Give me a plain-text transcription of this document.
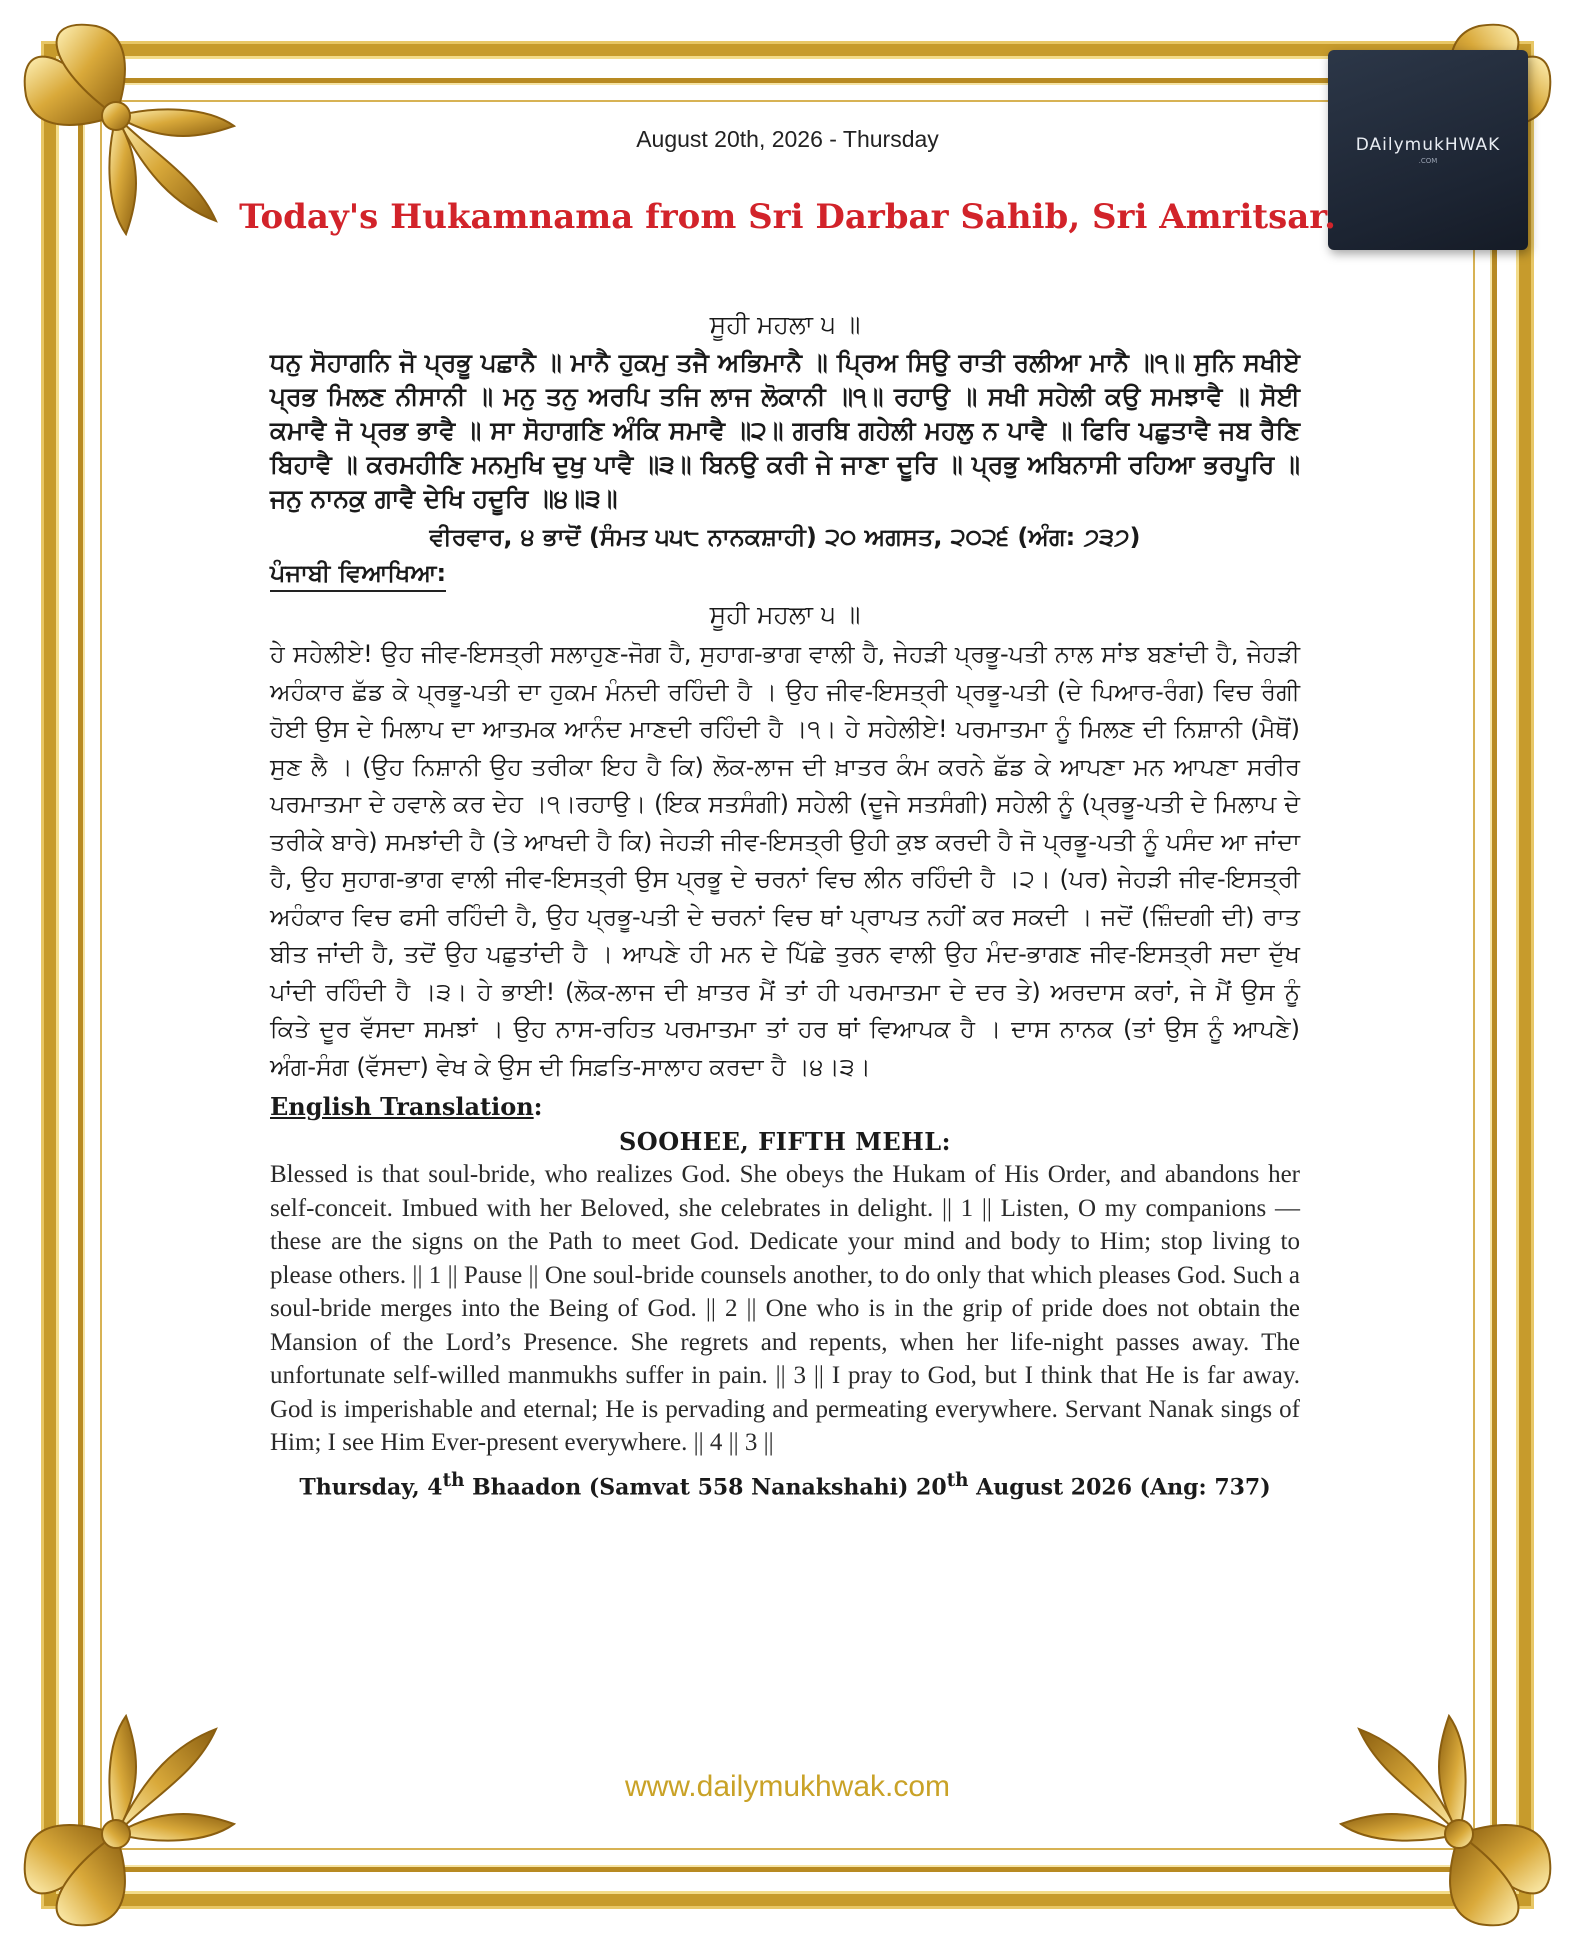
DAilymukHWAK
.COM
August 20th, 2026 - Thursday
Today's Hukamnama from Sri Darbar Sahib, Sri Amritsar.

ਸੂਹੀ ਮਹਲਾ ੫ ॥

ਧਨੁ ਸੋਹਾਗਨਿ ਜੋ ਪ੍ਰਭੂ ਪਛਾਨੈ ॥ ਮਾਨੈ ਹੁਕਮੁ ਤਜੈ ਅਭਿਮਾਨੈ ॥ ਪ੍ਰਿਅ ਸਿਉ ਰਾਤੀ ਰਲੀਆ ਮਾਨੈ ॥੧॥ ਸੁਨਿ ਸਖੀਏ ਪ੍ਰਭ ਮਿਲਣ ਨੀਸਾਨੀ ॥ ਮਨੁ ਤਨੁ ਅਰਪਿ ਤਜਿ ਲਾਜ ਲੋਕਾਨੀ ॥੧॥ ਰਹਾਉ ॥ ਸਖੀ ਸਹੇਲੀ ਕਉ ਸਮਝਾਵੈ ॥ ਸੋਈ ਕਮਾਵੈ ਜੋ ਪ੍ਰਭ ਭਾਵੈ ॥ ਸਾ ਸੋਹਾਗਣਿ ਅੰਕਿ ਸਮਾਵੈ ॥੨॥ ਗਰਬਿ ਗਹੇਲੀ ਮਹਲੁ ਨ ਪਾਵੈ ॥ ਫਿਰਿ ਪਛੁਤਾਵੈ ਜਬ ਰੈਣਿ ਬਿਹਾਵੈ ॥ ਕਰਮਹੀਣਿ ਮਨਮੁਖਿ ਦੁਖੁ ਪਾਵੈ ॥੩॥ ਬਿਨਉ ਕਰੀ ਜੇ ਜਾਣਾ ਦੂਰਿ ॥ ਪ੍ਰਭੁ ਅਬਿਨਾਸੀ ਰਹਿਆ ਭਰਪੂਰਿ ॥ ਜਨੁ ਨਾਨਕੁ ਗਾਵੈ ਦੇਖਿ ਹਦੂਰਿ ॥੪॥੩॥

ਵੀਰਵਾਰ, ੪ ਭਾਦੋਂ (ਸੰਮਤ ੫੫੮ ਨਾਨਕਸ਼ਾਹੀ) ੨੦ ਅਗਸਤ, ੨੦੨੬ (ਅੰਗ: ੭੩੭)

ਪੰਜਾਬੀ ਵਿਆਖਿਆ:

ਸੂਹੀ ਮਹਲਾ ੫ ॥

ਹੇ ਸਹੇਲੀਏ! ਉਹ ਜੀਵ-ਇਸਤ੍ਰੀ ਸਲਾਹੁਣ-ਜੋਗ ਹੈ, ਸੁਹਾਗ-ਭਾਗ ਵਾਲੀ ਹੈ, ਜੇਹੜੀ ਪ੍ਰਭੂ-ਪਤੀ ਨਾਲ ਸਾਂਝ ਬਣਾਂਦੀ ਹੈ, ਜੇਹੜੀ ਅਹੰਕਾਰ ਛੱਡ ਕੇ ਪ੍ਰਭੂ-ਪਤੀ ਦਾ ਹੁਕਮ ਮੰਨਦੀ ਰਹਿੰਦੀ ਹੈ । ਉਹ ਜੀਵ-ਇਸਤ੍ਰੀ ਪ੍ਰਭੂ-ਪਤੀ (ਦੇ ਪਿਆਰ-ਰੰਗ) ਵਿਚ ਰੰਗੀ ਹੋਈ ਉਸ ਦੇ ਮਿਲਾਪ ਦਾ ਆਤਮਕ ਆਨੰਦ ਮਾਣਦੀ ਰਹਿੰਦੀ ਹੈ ।੧। ਹੇ ਸਹੇਲੀਏ! ਪਰਮਾਤਮਾ ਨੂੰ ਮਿਲਣ ਦੀ ਨਿਸ਼ਾਨੀ (ਮੈਥੋਂ) ਸੁਣ ਲੈ । (ਉਹ ਨਿਸ਼ਾਨੀ ਉਹ ਤਰੀਕਾ ਇਹ ਹੈ ਕਿ) ਲੋਕ-ਲਾਜ ਦੀ ਖ਼ਾਤਰ ਕੰਮ ਕਰਨੇ ਛੱਡ ਕੇ ਆਪਣਾ ਮਨ ਆਪਣਾ ਸਰੀਰ ਪਰਮਾਤਮਾ ਦੇ ਹਵਾਲੇ ਕਰ ਦੇਹ ।੧।ਰਹਾਉ। (ਇਕ ਸਤਸੰਗੀ) ਸਹੇਲੀ (ਦੂਜੇ ਸਤਸੰਗੀ) ਸਹੇਲੀ ਨੂੰ (ਪ੍ਰਭੂ-ਪਤੀ ਦੇ ਮਿਲਾਪ ਦੇ ਤਰੀਕੇ ਬਾਰੇ) ਸਮਝਾਂਦੀ ਹੈ (ਤੇ ਆਖਦੀ ਹੈ ਕਿ) ਜੇਹੜੀ ਜੀਵ-ਇਸਤ੍ਰੀ ਉਹੀ ਕੁਝ ਕਰਦੀ ਹੈ ਜੋ ਪ੍ਰਭੂ-ਪਤੀ ਨੂੰ ਪਸੰਦ ਆ ਜਾਂਦਾ ਹੈ, ਉਹ ਸੁਹਾਗ-ਭਾਗ ਵਾਲੀ ਜੀਵ-ਇਸਤ੍ਰੀ ਉਸ ਪ੍ਰਭੂ ਦੇ ਚਰਨਾਂ ਵਿਚ ਲੀਨ ਰਹਿੰਦੀ ਹੈ ।੨। (ਪਰ) ਜੇਹੜੀ ਜੀਵ-ਇਸਤ੍ਰੀ ਅਹੰਕਾਰ ਵਿਚ ਫਸੀ ਰਹਿੰਦੀ ਹੈ, ਉਹ ਪ੍ਰਭੂ-ਪਤੀ ਦੇ ਚਰਨਾਂ ਵਿਚ ਥਾਂ ਪ੍ਰਾਪਤ ਨਹੀਂ ਕਰ ਸਕਦੀ । ਜਦੋਂ (ਜ਼ਿੰਦਗੀ ਦੀ) ਰਾਤ ਬੀਤ ਜਾਂਦੀ ਹੈ, ਤਦੋਂ ਉਹ ਪਛੁਤਾਂਦੀ ਹੈ । ਆਪਣੇ ਹੀ ਮਨ ਦੇ ਪਿੱਛੇ ਤੁਰਨ ਵਾਲੀ ਉਹ ਮੰਦ-ਭਾਗਣ ਜੀਵ-ਇਸਤ੍ਰੀ ਸਦਾ ਦੁੱਖ ਪਾਂਦੀ ਰਹਿੰਦੀ ਹੈ ।੩। ਹੇ ਭਾਈ! (ਲੋਕ-ਲਾਜ ਦੀ ਖ਼ਾਤਰ ਮੈਂ ਤਾਂ ਹੀ ਪਰਮਾਤਮਾ ਦੇ ਦਰ ਤੇ) ਅਰਦਾਸ ਕਰਾਂ, ਜੇ ਮੈਂ ਉਸ ਨੂੰ ਕਿਤੇ ਦੂਰ ਵੱਸਦਾ ਸਮਝਾਂ । ਉਹ ਨਾਸ-ਰਹਿਤ ਪਰਮਾਤਮਾ ਤਾਂ ਹਰ ਥਾਂ ਵਿਆਪਕ ਹੈ । ਦਾਸ ਨਾਨਕ (ਤਾਂ ਉਸ ਨੂੰ ਆਪਣੇ) ਅੰਗ-ਸੰਗ (ਵੱਸਦਾ) ਵੇਖ ਕੇ ਉਸ ਦੀ ਸਿਫ਼ਤਿ-ਸਾਲਾਹ ਕਰਦਾ ਹੈ ।੪।੩।

English Translation:

SOOHEE, FIFTH MEHL:

Blessed is that soul-bride, who realizes God. She obeys the Hukam of His Order, and abandons her self-conceit. Imbued with her Beloved, she celebrates in delight. || 1 || Listen, O my companions — these are the signs on the Path to meet God. Dedicate your mind and body to Him; stop living to please others. || 1 || Pause || One soul-bride counsels another, to do only that which pleases God. Such a soul-bride merges into the Being of God. || 2 || One who is in the grip of pride does not obtain the Mansion of the Lord’s Presence. She regrets and repents, when her life-night passes away. The unfortunate self-willed manmukhs suffer in pain. || 3 || I pray to God, but I think that He is far away. God is imperishable and eternal; He is pervading and permeating everywhere. Servant Nanak sings of Him; I see Him Ever-present everywhere. || 4 || 3 ||

Thursday, 4th Bhaadon (Samvat 558 Nanakshahi) 20th August 2026 (Ang: 737)

www.dailymukhwak.com
